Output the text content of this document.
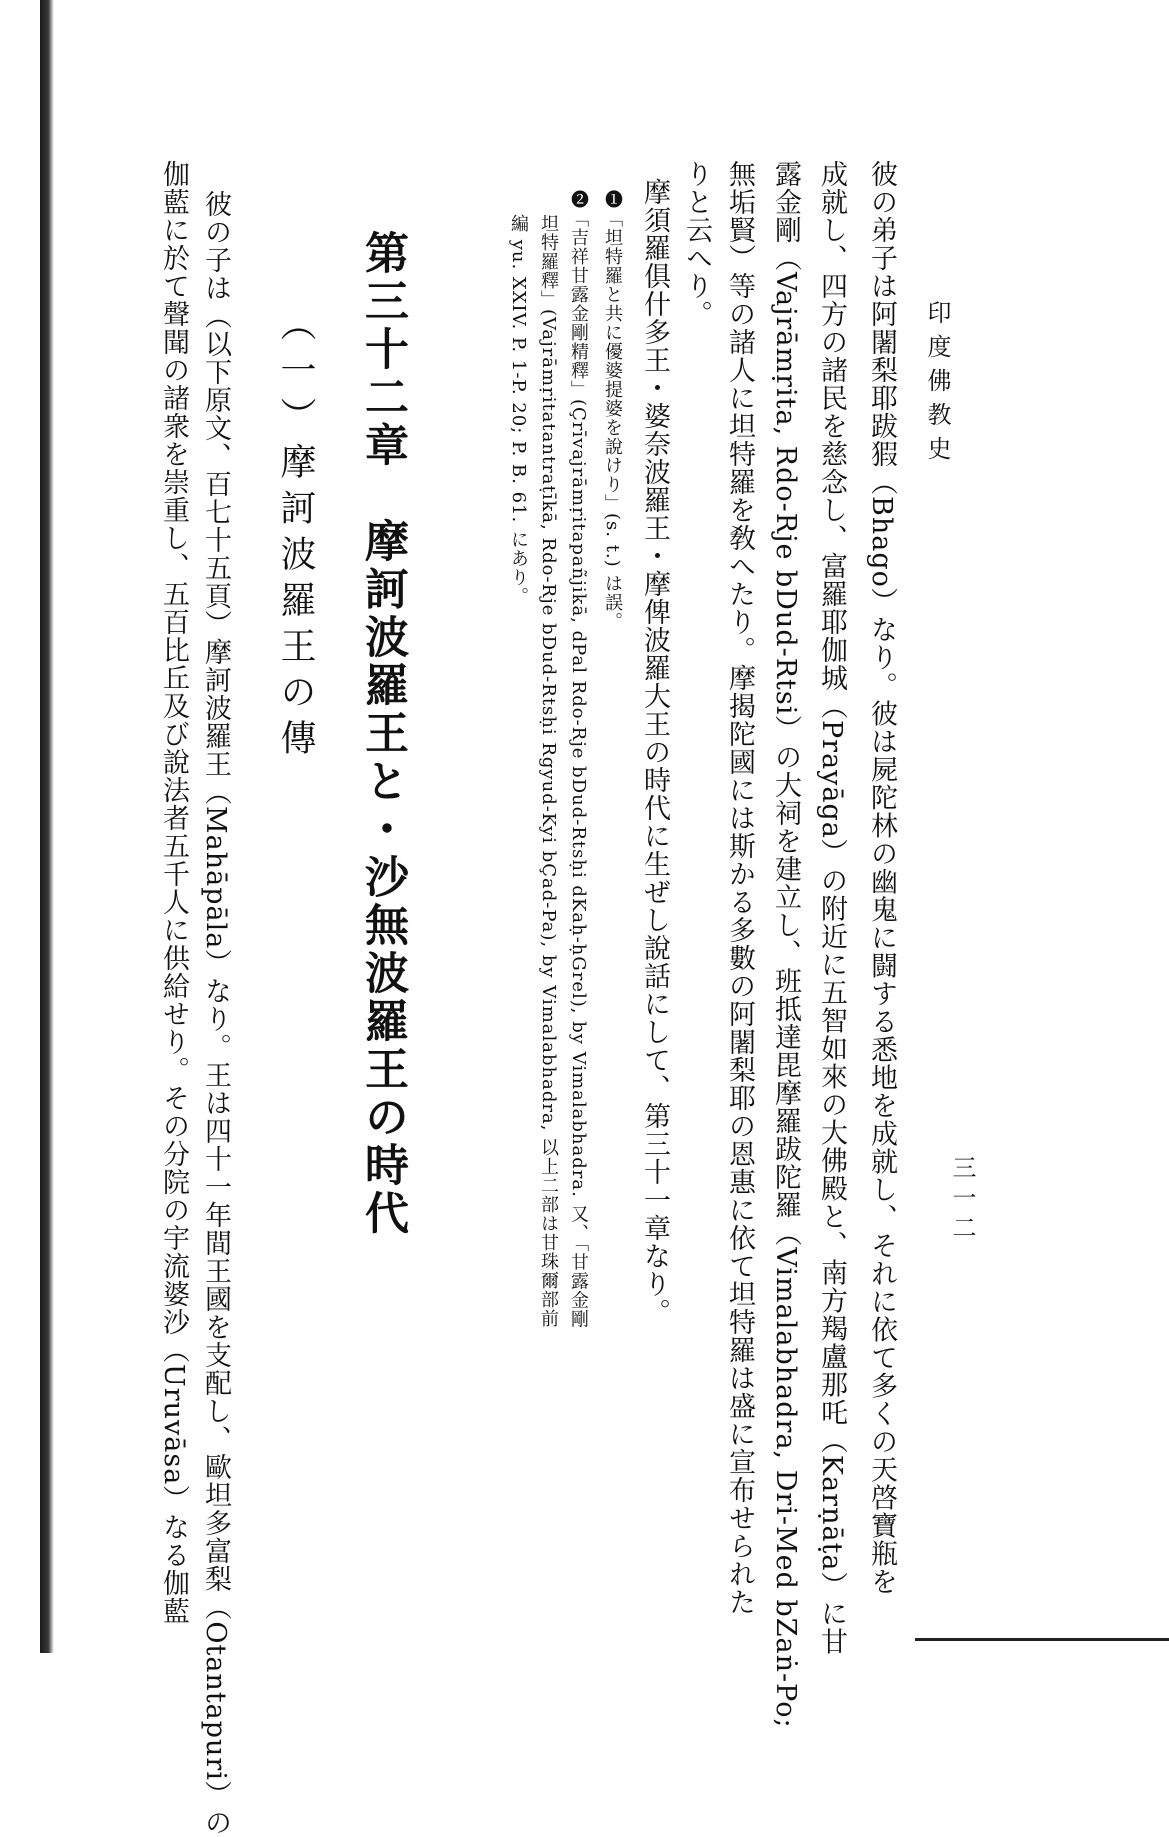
印度佛教史
三一二
彼の弟子は阿闍梨耶跋猳（Bhago）なり。彼は屍陀林の幽鬼に闘する悉地を成就し、それに依て多くの天啓寶瓶を
成就し、四方の諸民を慈念し、富羅耶伽城（Prayāga）の附近に五智如來の大佛殿と、南方羯盧那吒（Karṇāṭa）に甘
露金剛（Vajrāmṛita, Rdo-Rje bDud-Rtsi）の大祠を建立し、班抵達毘摩羅跋陀羅（Vimalabhadra, Dri-Med bZaṅ-Po;
無垢賢）等の諸人に坦特羅を敎へたり。摩揭陀國には斯かる多數の阿闍梨耶の恩惠に依て坦特羅は盛に宣布せられた
りと云へり。
摩須羅俱什多王・婆奈波羅王・摩俾波羅大王の時代に生ぜし說話にして、第三十一章なり。
❶「坦特羅と共に優婆提婆を說けり」(s. t.) は誤。
❷「吉祥甘露金剛精釋」(Çrīvajrāmṛitapañjikā, dPal Rdo-Rje bDud-Rtsḥi dKaḥ-ḥGrel), by Vimalabhadra. 又、「甘露金剛
坦特羅釋」(Vajrāmṛitatantraṭīkā, Rdo-Rje bDud-Rtsḥi Rgyud-Kyi bÇad-Pa), by Vimalabhadra, 以上二部は甘珠爾部前
編 yu. XXIV. P. 1-P. 20; P. B. 61. にあり。
第三十二章　摩訶波羅王と・沙無波羅王の時代
（一）摩訶波羅王の傳
彼の子は（以下原文、百七十五頁）摩訶波羅王（Mahāpāla）なり。王は四十一年間王國を支配し、歐坦多富梨（Otantapuri）の
伽藍に於て聲聞の諸衆を崇重し、五百比丘及び說法者五千人に供給せり。その分院の宇流婆沙（Uruvāsa）なる伽藍
